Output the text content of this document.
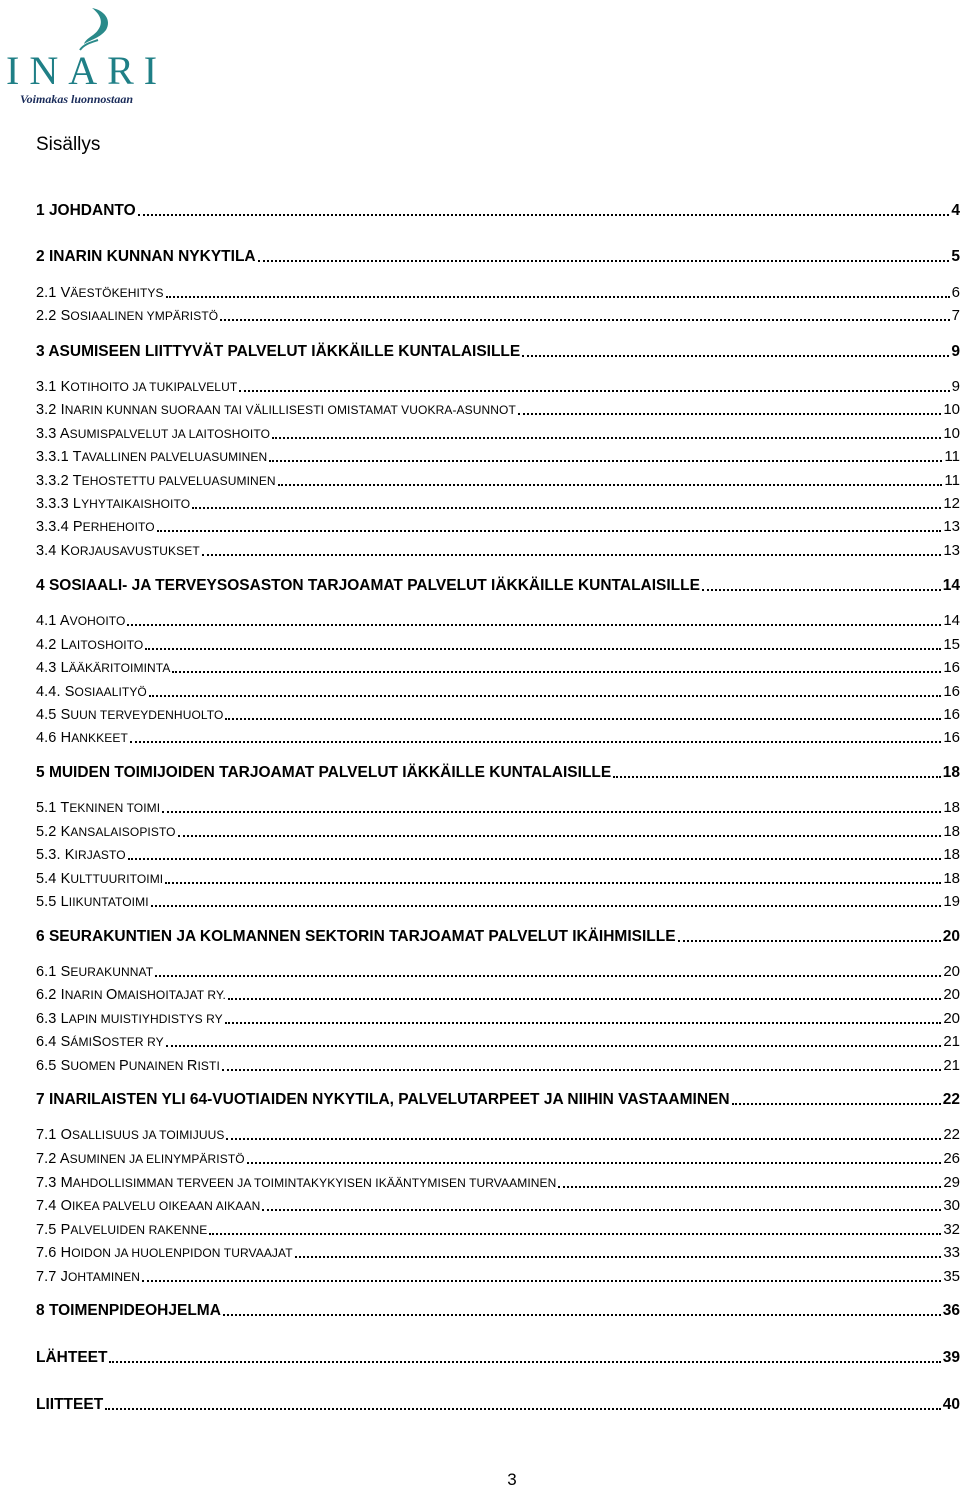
INARI
Voimakas luonnostaan
Sisällys
1 JOHDANTO	4
2 INARIN KUNNAN NYKYTILA	5
2.1 VÄESTÖKEHITYS	6
2.2 SOSIAALINEN YMPÄRISTÖ	7
3 ASUMISEEN LIITTYVÄT PALVELUT IÄKKÄILLE KUNTALAISILLE	9
3.1 KOTIHOITO JA TUKIPALVELUT	9
3.2 INARIN KUNNAN SUORAAN TAI VÄLILLISESTI OMISTAMAT VUOKRA-ASUNNOT	10
3.3 ASUMISPALVELUT JA LAITOSHOITO	10
3.3.1 TAVALLINEN PALVELUASUMINEN	11
3.3.2 TEHOSTETTU PALVELUASUMINEN	11
3.3.3 LYHYTAIKAISHOITO	12
3.3.4 PERHEHOITO	13
3.4 KORJAUSAVUSTUKSET	13
4 SOSIAALI- JA TERVEYSOSASTON TARJOAMAT PALVELUT IÄKKÄILLE KUNTALAISILLE	14
4.1 AVOHOITO	14
4.2 LAITOSHOITO	15
4.3 LÄÄKÄRITOIMINTA	16
4.4. SOSIAALITYÖ	16
4.5 SUUN TERVEYDENHUOLTO	16
4.6 HANKKEET	16
5 MUIDEN TOIMIJOIDEN TARJOAMAT PALVELUT IÄKKÄILLE KUNTALAISILLE	18
5.1 TEKNINEN TOIMI	18
5.2 KANSALAISOPISTO	18
5.3. KIRJASTO	18
5.4 KULTTUURITOIMI	18
5.5 LIIKUNTATOIMI	19
6 SEURAKUNTIEN JA KOLMANNEN SEKTORIN TARJOAMAT PALVELUT IKÄIHMISILLE	20
6.1 SEURAKUNNAT	20
6.2 INARIN OMAISHOITAJAT RY.	20
6.3 LAPIN MUISTIYHDISTYS RY	20
6.4 SÁMISOSTER RY	21
6.5 SUOMEN PUNAINEN RISTI	21
7 INARILAISTEN YLI 64-VUOTIAIDEN NYKYTILA, PALVELUTARPEET JA NIIHIN VASTAAMINEN	22
7.1 OSALLISUUS JA TOIMIJUUS	22
7.2 ASUMINEN JA ELINYMPÄRISTÖ	26
7.3 MAHDOLLISIMMAN TERVEEN JA TOIMINTAKYKYISEN IKÄÄNTYMISEN TURVAAMINEN	29
7.4 OIKEA PALVELU OIKEAAN AIKAAN	30
7.5 PALVELUIDEN RAKENNE	32
7.6 HOIDON JA HUOLENPIDON TURVAAJAT	33
7.7 JOHTAMINEN	35
8 TOIMENPIDEOHJELMA	36
LÄHTEET	39
LIITTEET	40
3
